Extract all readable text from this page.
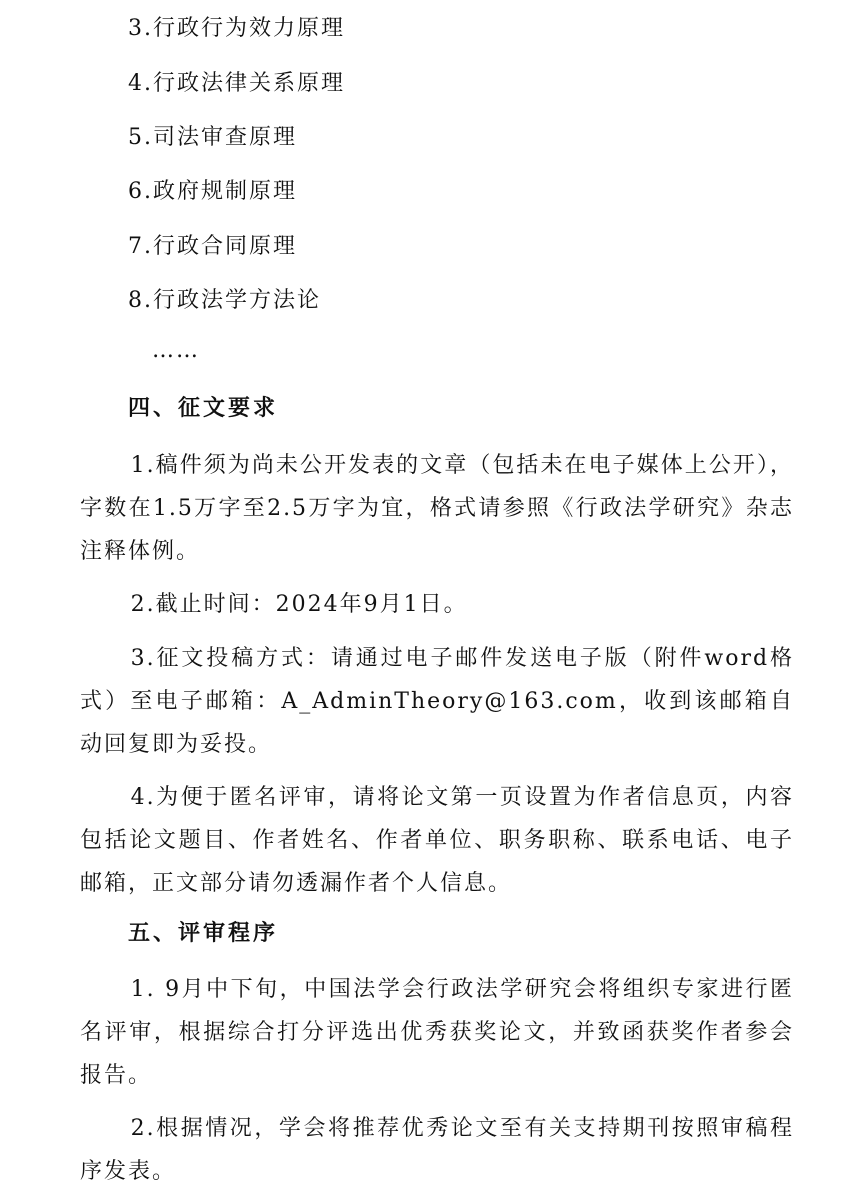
3.行政行为效力原理
4.行政法律关系原理
5.司法审查原理
6.政府规制原理
7.行政合同原理
8.行政法学方法论
……
四、征文要求
1.稿件须为尚未公开发表的文章（包括未在电子媒体上公开），字数在1.5万字至2.5万字为宜，格式请参照《行政法学研究》杂志注释体例。
2.截止时间：2024年9月1日。
3.征文投稿方式：请通过电子邮件发送电子版（附件word格式）至电子邮箱：A_AdminTheory@163.com，收到该邮箱自动回复即为妥投。
4.为便于匿名评审，请将论文第一页设置为作者信息页，内容包括论文题目、作者姓名、作者单位、职务职称、联系电话、电子邮箱，正文部分请勿透漏作者个人信息。
五、评审程序
1. 9月中下旬，中国法学会行政法学研究会将组织专家进行匿名评审，根据综合打分评选出优秀获奖论文，并致函获奖作者参会报告。
2.根据情况，学会将推荐优秀论文至有关支持期刊按照审稿程序发表。
